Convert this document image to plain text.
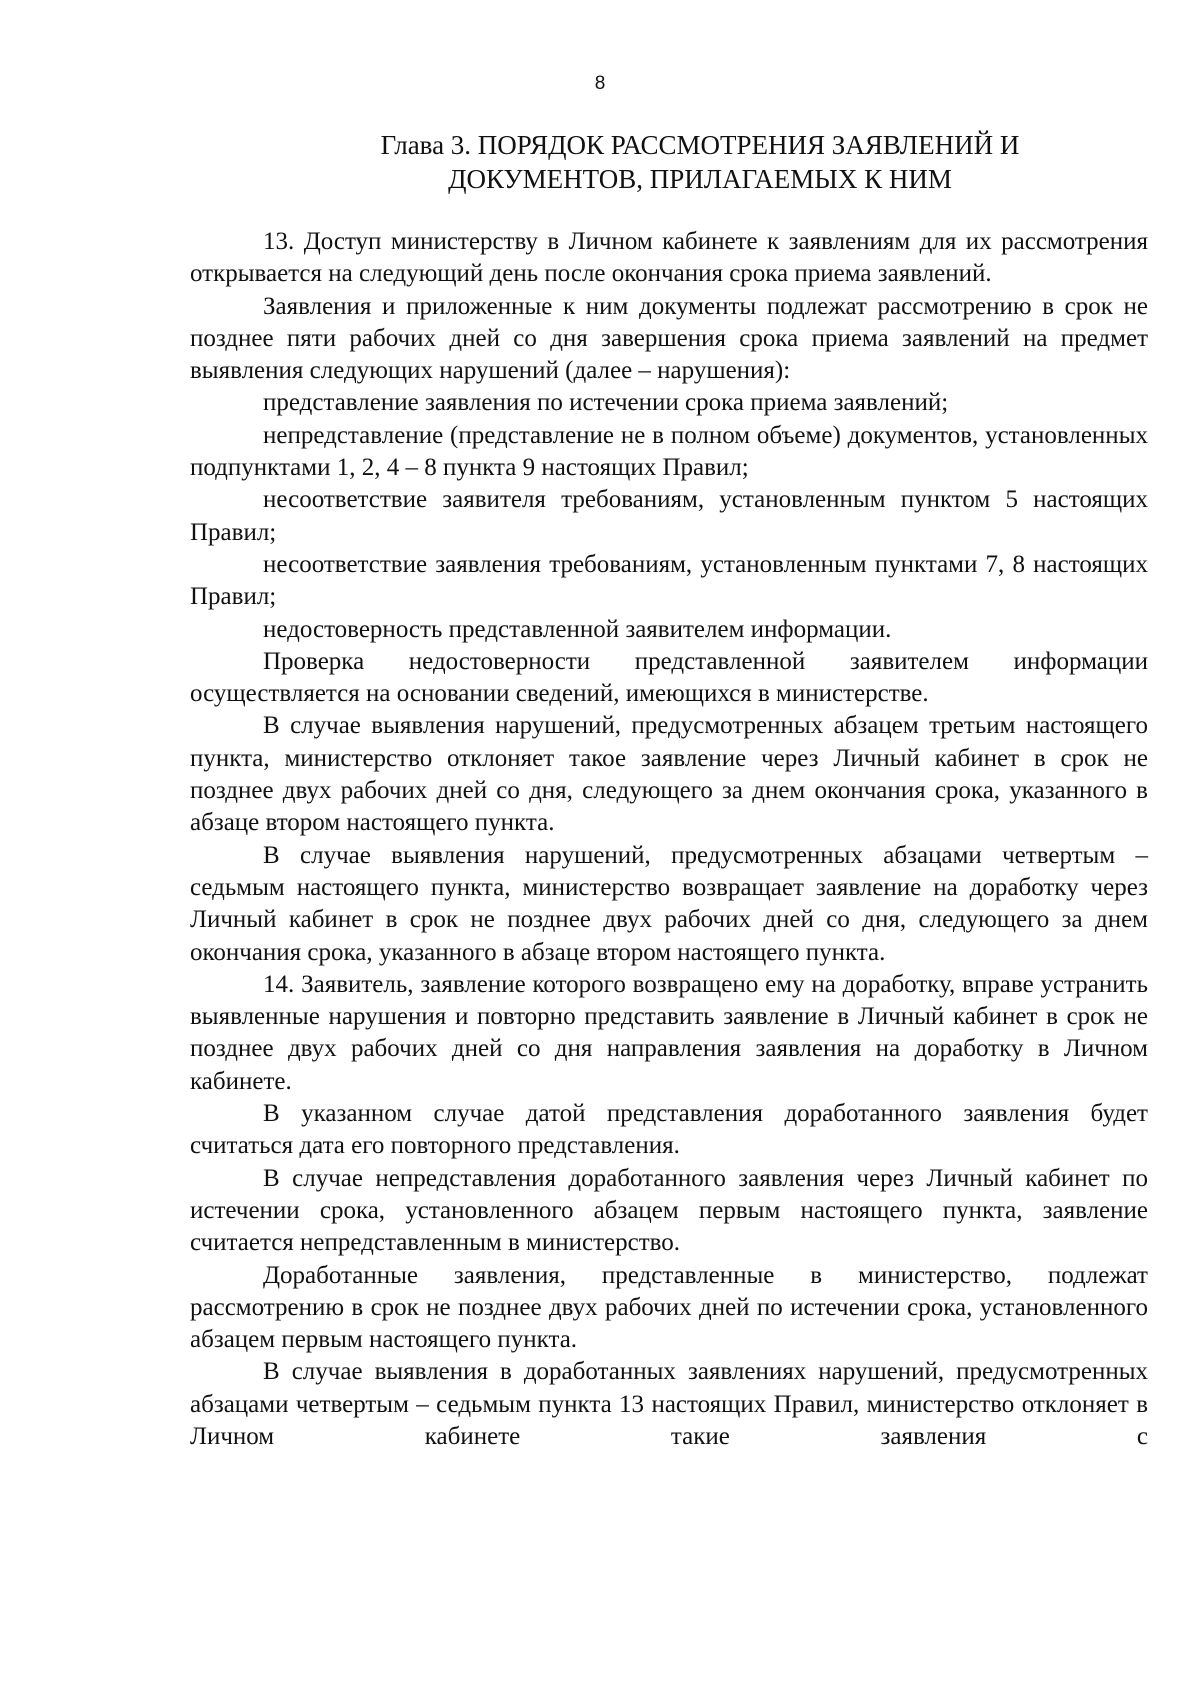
8
Глава 3. ПОРЯДОК РАССМОТРЕНИЯ ЗАЯВЛЕНИЙ И
ДОКУМЕНТОВ, ПРИЛАГАЕМЫХ К НИМ

13. Доступ министерству в Личном кабинете к заявлениям для их рассмотрения открывается на следующий день после окончания срока приема заявлений.

Заявления и приложенные к ним документы подлежат рассмотрению в срок не позднее пяти рабочих дней со дня завершения срока приема заявлений на предмет выявления следующих нарушений (далее – нарушения):

представление заявления по истечении срока приема заявлений;

непредставление (представление не в полном объеме) документов, установленных подпунктами 1, 2, 4 – 8 пункта 9 настоящих Правил;

несоответствие заявителя требованиям, установленным пунктом 5 настоящих Правил;

несоответствие заявления требованиям, установленным пунктами 7, 8 настоящих Правил;

недостоверность представленной заявителем информации.

Проверка недостоверности представленной заявителем информации осуществляется на основании сведений, имеющихся в министерстве.

В случае выявления нарушений, предусмотренных абзацем третьим настоящего пункта, министерство отклоняет такое заявление через Личный кабинет в срок не позднее двух рабочих дней со дня, следующего за днем окончания срока, указанного в абзаце втором настоящего пункта.

В случае выявления нарушений, предусмотренных абзацами четвертым – седьмым настоящего пункта, министерство возвращает заявление на доработку через Личный кабинет в срок не позднее двух рабочих дней со дня, следующего за днем окончания срока, указанного в абзаце втором настоящего пункта.

14. Заявитель, заявление которого возвращено ему на доработку, вправе устранить выявленные нарушения и повторно представить заявление в Личный кабинет в срок не позднее двух рабочих дней со дня направления заявления на доработку в Личном кабинете.

В указанном случае датой представления доработанного заявления будет считаться дата его повторного представления.

В случае непредставления доработанного заявления через Личный кабинет по истечении срока, установленного абзацем первым настоящего пункта, заявление считается непредставленным в министерство.

Доработанные заявления, представленные в министерство, подлежат рассмотрению в срок не позднее двух рабочих дней по истечении срока, установленного абзацем первым настоящего пункта.

В случае выявления в доработанных заявлениях нарушений, предусмотренных абзацами четвертым – седьмым пункта 13 настоящих Правил, министерство отклоняет в Личном кабинете такие заявления с
